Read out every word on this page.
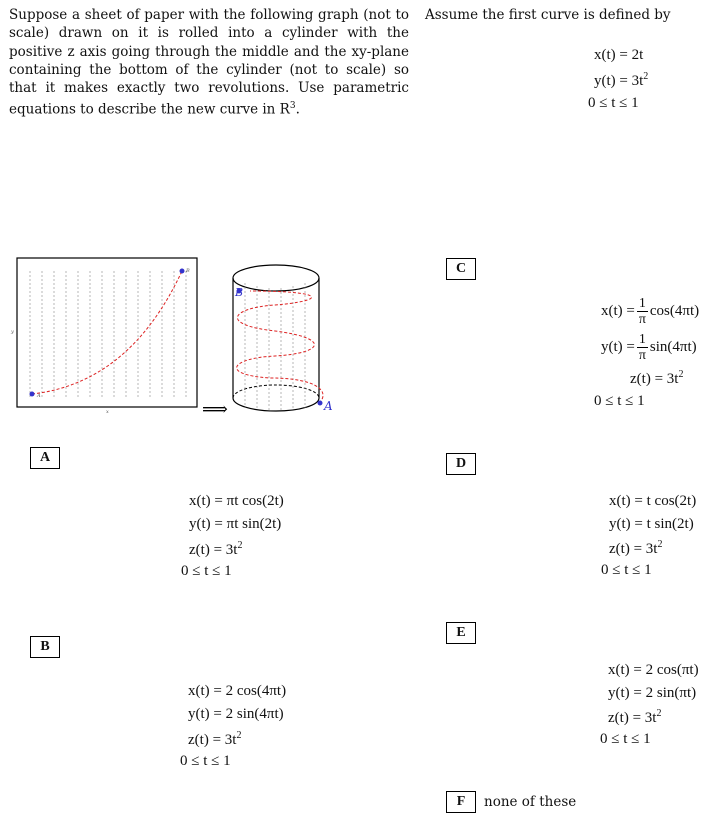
Suppose a sheet of paper with the following graph (not to scale) drawn on it is rolled into a cylinder with the positive z axis going through the middle and the xy-plane containing the bottom of the cylinder (not to scale) so that it makes exactly two revolutions. Use parametric equations to describe the new curve in $R^3$.
Assume the first curve is defined by
x(t) = 2t
$y(t) = 3t^2$
0 ≤ t ≤ 1
A
B
x
y
⟹	A
B
C
$x(t) = \frac{1}{\pi} \cos(4\pi t)$
$y(t) = \frac{1}{\pi} \sin(4\pi t)$
$z(t) = 3t^2$
0 ≤ t ≤ 1
A
x(t) = πt cos(2t)
y(t) = πt sin(2t)
$z(t) = 3t^2$
0 ≤ t ≤ 1
D
x(t) = t cos(2t)
y(t) = t sin(2t)
$z(t) = 3t^2$
0 ≤ t ≤ 1
E
x(t) = 2 cos(πt)
y(t) = 2 sin(πt)
$z(t) = 3t^2$
0 ≤ t ≤ 1
B
x(t) = 2 cos(4πt)
y(t) = 2 sin(4πt)
$z(t) = 3t^2$
0 ≤ t ≤ 1
F	none of these
